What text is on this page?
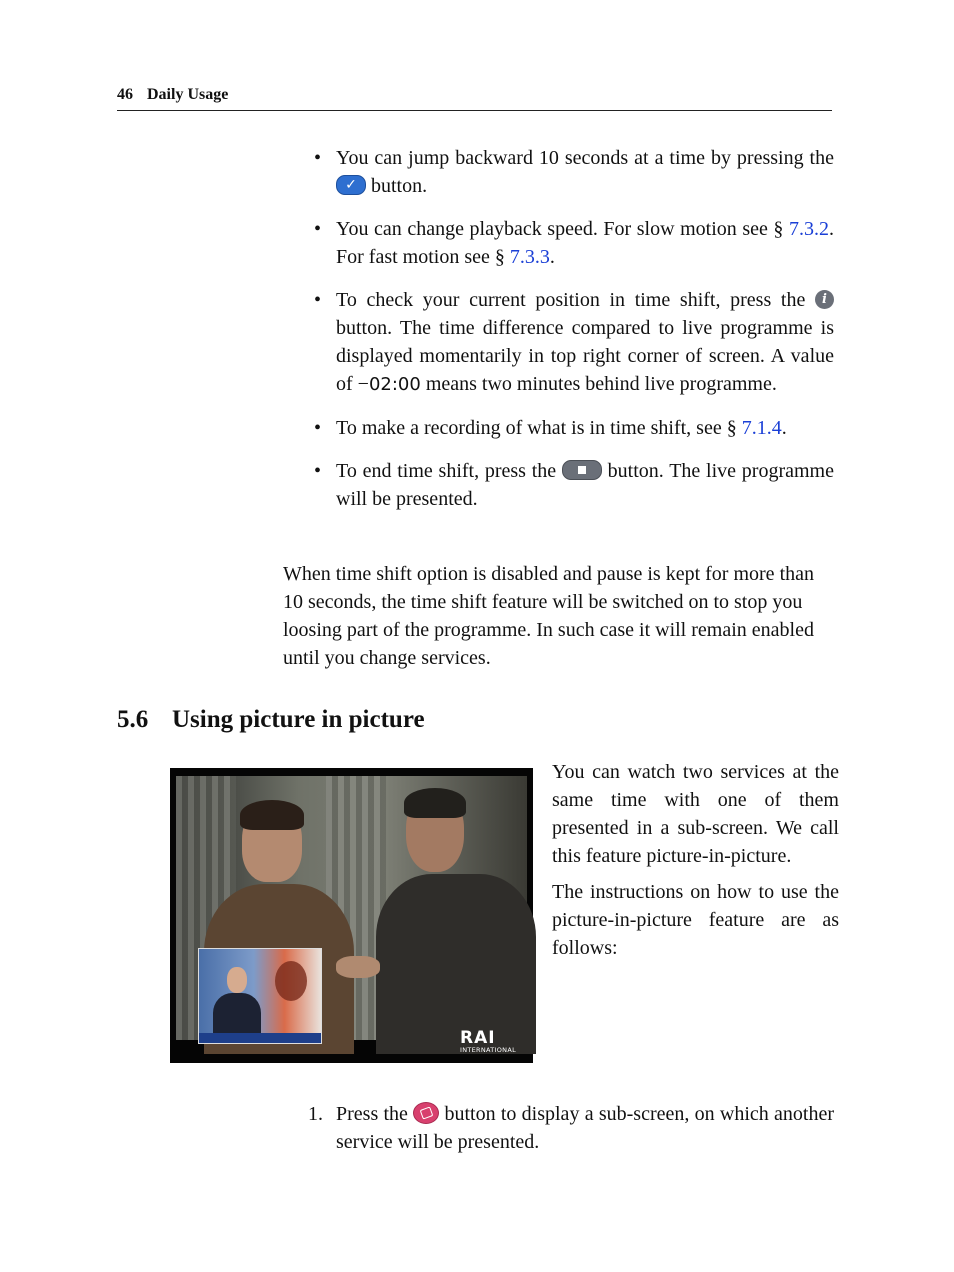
46 Daily Usage
• You can jump backward 10 seconds at a time by pressing the ✓ button.
• You can change playback speed. For slow motion see § 7.3.2. For fast motion see § 7.3.3.
• To check your current position in time shift, press the i button. The time difference compared to live programme is displayed momentarily in top right corner of screen. A value of −02:00 means two minutes behind live programme.
• To make a recording of what is in time shift, see § 7.1.4.
• To end time shift, press the  button. The live programme will be presented.

When time shift option is disabled and pause is kept for more than 10 seconds, the time shift feature will be switched on to stop you loosing part of the programme. In such case it will remain enabled until you change services.

5.6 Using picture in picture
RAI
INTERNATIONAL

You can watch two services at the same time with one of them presented in a sub-screen. We call this feature picture-in-picture.

The instructions on how to use the picture-in-picture feature are as follows:

1. Press the  button to display a sub-screen, on which another service will be presented.
